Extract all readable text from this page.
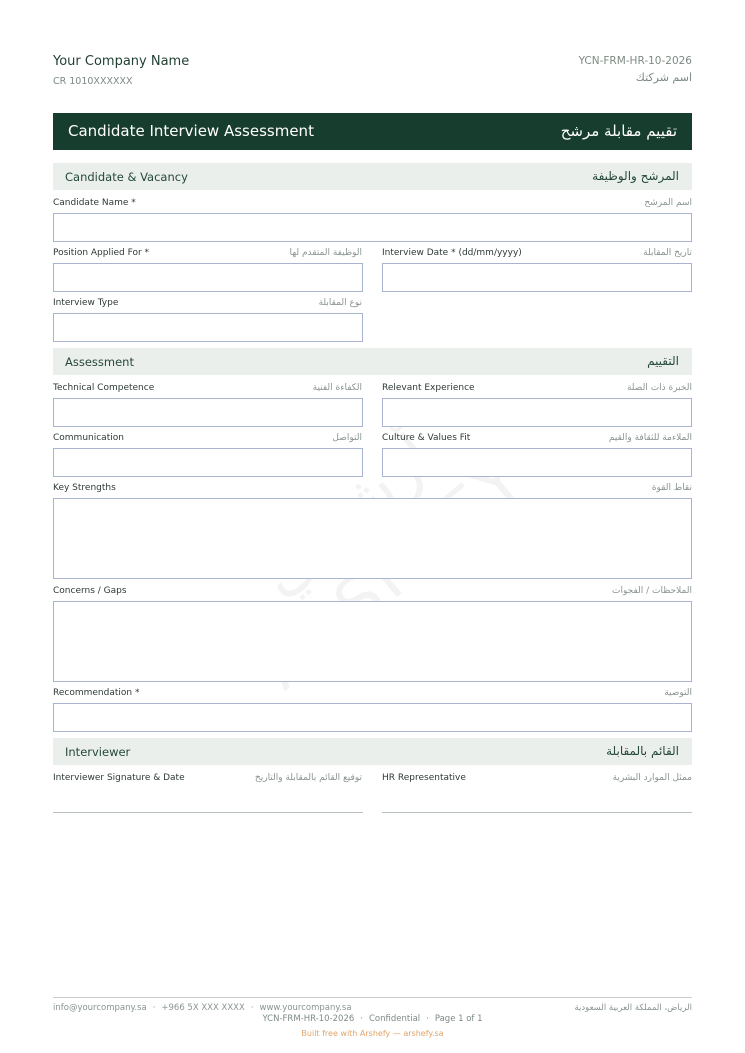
Your Company Name
CR 1010XXXXXX
YCN-FRM-HR-10-2026
اسم شركتك
Candidate Interview Assessment	تقييم مقابلة مرشح
Candidate & Vacancy	المرشح والوظيفة
Candidate Name *	اسم المرشح
Position Applied For *	الوظيفة المتقدم لها Interview Date * (dd/mm/yyyy)	تاريخ المقابلة
Interview Type	نوع المقابلة
Assessment	التقييم
Technical Competence	الكفاءة الفنية Relevant Experience	الخبرة ذات الصلة
Communication	التواصل Culture & Values Fit	الملاءمة للثقافة والقيم
Key Strengths	نقاط القوة
Concerns / Gaps	الملاحظات / الفجوات
Recommendation *	التوصية
Interviewer	القائم بالمقابلة
Interviewer Signature & Date	توقيع القائم بالمقابلة والتاريخ HR Representative	ممثل الموارد البشرية
info@yourcompany.sa · +966 5X XXX XXXX · www.yourcompany.sa	الرياض، المملكة العربية السعودية
YCN-FRM-HR-10-2026 · Confidential · Page 1 of 1
Built free with Arshefy — arshefy.sa
